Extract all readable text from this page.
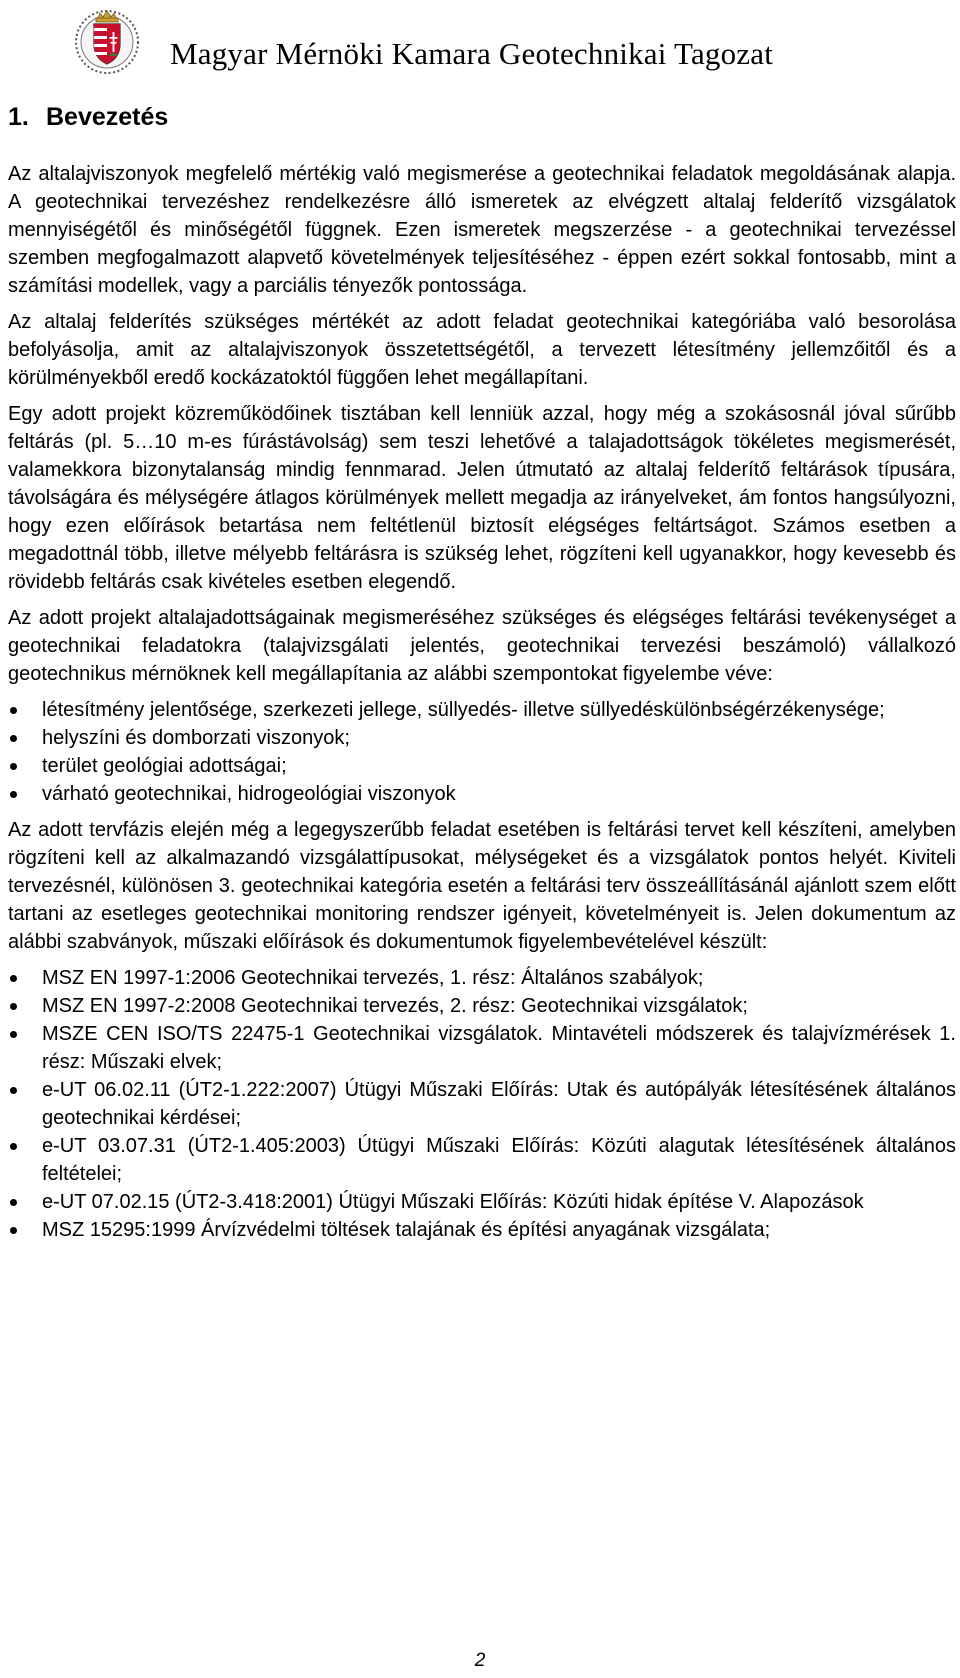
Magyar Mérnöki Kamara Geotechnikai Tagozat
1. Bevezetés

Az altalajviszonyok megfelelő mértékig való megismerése a geotechnikai feladatok megoldásának alapja. A geotechnikai tervezéshez rendelkezésre álló ismeretek az elvégzett altalaj felderítő vizsgálatok mennyiségétől és minőségétől függnek. Ezen ismeretek megszerzése - a geotechnikai tervezéssel szemben megfogalmazott alapvető követelmények teljesítéséhez - éppen ezért sokkal fontosabb, mint a számítási modellek, vagy a parciális tényezők pontossága.

Az altalaj felderítés szükséges mértékét az adott feladat geotechnikai kategóriába való besorolása befolyásolja, amit az altalajviszonyok összetettségétől, a tervezett létesítmény jellemzőitől és a körülményekből eredő kockázatoktól függően lehet megállapítani.

Egy adott projekt közreműködőinek tisztában kell lenniük azzal, hogy még a szokásosnál jóval sűrűbb feltárás (pl. 5…10 m-es fúrástávolság) sem teszi lehetővé a talajadottságok tökéletes megismerését, valamekkora bizonytalanság mindig fennmarad. Jelen útmutató az altalaj felderítő feltárások típusára, távolságára és mélységére átlagos körülmények mellett megadja az irányelveket, ám fontos hangsúlyozni, hogy ezen előírások betartása nem feltétlenül biztosít elégséges feltártságot. Számos esetben a megadottnál több, illetve mélyebb feltárásra is szükség lehet, rögzíteni kell ugyanakkor, hogy kevesebb és rövidebb feltárás csak kivételes esetben elegendő.

Az adott projekt altalajadottságainak megismeréséhez szükséges és elégséges feltárási tevékenységet a geotechnikai feladatokra (talajvizsgálati jelentés, geotechnikai tervezési beszámoló) vállalkozó geotechnikus mérnöknek kell megállapítania az alábbi szempontokat figyelembe véve:

létesítmény jelentősége, szerkezeti jellege, süllyedés- illetve süllyedéskülönbségérzékenysége;
helyszíni és domborzati viszonyok;
terület geológiai adottságai;
várható geotechnikai, hidrogeológiai viszonyok

Az adott tervfázis elején még a legegyszerűbb feladat esetében is feltárási tervet kell készíteni, amelyben rögzíteni kell az alkalmazandó vizsgálattípusokat, mélységeket és a vizsgálatok pontos helyét. Kiviteli tervezésnél, különösen 3. geotechnikai kategória esetén a feltárási terv összeállításánál ajánlott szem előtt tartani az esetleges geotechnikai monitoring rendszer igényeit, követelményeit is. Jelen dokumentum az alábbi szabványok, műszaki előírások és dokumentumok figyelembevételével készült:

MSZ EN 1997-1:2006 Geotechnikai tervezés, 1. rész: Általános szabályok;
MSZ EN 1997-2:2008 Geotechnikai tervezés, 2. rész: Geotechnikai vizsgálatok;
MSZE CEN ISO/TS 22475-1 Geotechnikai vizsgálatok. Mintavételi módszerek és talajvízmérések 1. rész: Műszaki elvek;
e-UT 06.02.11 (ÚT2-1.222:2007) Útügyi Műszaki Előírás: Utak és autópályák létesítésének általános geotechnikai kérdései;
e-UT 03.07.31 (ÚT2-1.405:2003) Útügyi Műszaki Előírás: Közúti alagutak létesítésének általános feltételei;
e-UT 07.02.15 (ÚT2-3.418:2001) Útügyi Műszaki Előírás: Közúti hidak építése V. Alapozások
MSZ 15295:1999 Árvízvédelmi töltések talajának és építési anyagának vizsgálata;
2
